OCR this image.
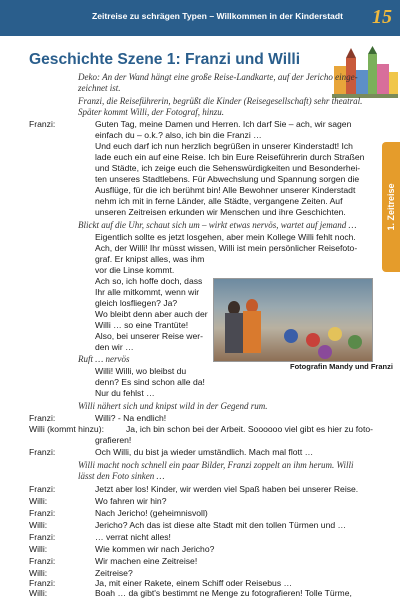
Zeitreise zu schrägen Typen – Willkommen in der Kinderstadt 15
1. Zeitreise
Geschichte Szene 1: Franzi und Willi
Deko: An der Wand hängt eine große Reise-Landkarte, auf der Jericho einge-
zeichnet ist.
Franzi, die Reiseführerin, begrüßt die Kinder (Reisegesellschaft) sehr theatral.
Später kommt Willi, der Fotograf, hinzu.
Franzi:	Guten Tag, meine Damen und Herren. Ich darf Sie – ach, wir sagen
einfach du – o.k.? also, ich bin die Franzi …
Und euch darf ich nun herzlich begrüßen in unserer Kinderstadt! Ich
lade euch ein auf eine Reise. Ich bin Eure Reiseführerin durch Straßen
und Städte, ich zeige euch die Sehenswürdigkeiten und Besonderhei-
ten unseres Stadtlebens. Für Abwechslung und Spannung sorgen die
Ausflüge, für die ich berühmt bin! Alle Bewohner unserer Kinderstadt
nehm ich mit in ferne Länder, alle Städte, vergangene Zeiten. Auf
unseren Zeitreisen erkunden wir Menschen und ihre Geschichten.
Blickt auf die Uhr, schaut sich um – wirkt etwas nervös, wartet auf jemand …
Eigentlich sollte es jetzt losgehen, aber mein Kollege Willi fehlt noch.
Ach, der Willi! Ihr müsst wissen, Willi ist mein persönlicher Reisefoto-
graf. Er knipst alles, was ihm
vor die Linse kommt.
Ach so, ich hoffe doch, dass
Ihr alle mitkommt, wenn wir
gleich losfliegen? Ja?
Wo bleibt denn aber auch der
Willi … so eine Trantüte!
Also, bei unserer Reise wer-
den wir …
Ruft … nervös
Willi! Willi, wo bleibst du
denn? Es sind schon alle da!
Nur du fehlst …
Fotografin Mandy und Franzi
Willi nähert sich und knipst wild in der Gegend rum.
Franzi:	Willi? - Na endlich!
Willi (kommt hinzu):	Ja, ich bin schon bei der Arbeit. Soooooo viel gibt es hier zu foto-
grafieren!
Franzi:	Och Willi, du bist ja wieder umständlich. Mach mal flott …
Willi macht noch schnell ein paar Bilder, Franzi zoppelt an ihm herum. Willi
lässt den Foto sinken …
Franzi:	Jetzt aber los! Kinder, wir werden viel Spaß haben bei unserer Reise.
Willi:	Wo fahren wir hin?
Franzi:	Nach Jericho! (geheimnisvoll)
Willi:	Jericho? Ach das ist diese alte Stadt mit den tollen Türmen und …
Franzi:	… verrat nicht alles!
Willi:	Wie kommen wir nach Jericho?
Franzi:	Wir machen eine Zeitreise!
Willi:	Zeitreise?
Franzi:	Ja, mit einer Rakete, einem Schiff oder Reisebus …
Willi:	Boah … da gibt's bestimmt ne Menge zu fotografieren! Tolle Türme,
